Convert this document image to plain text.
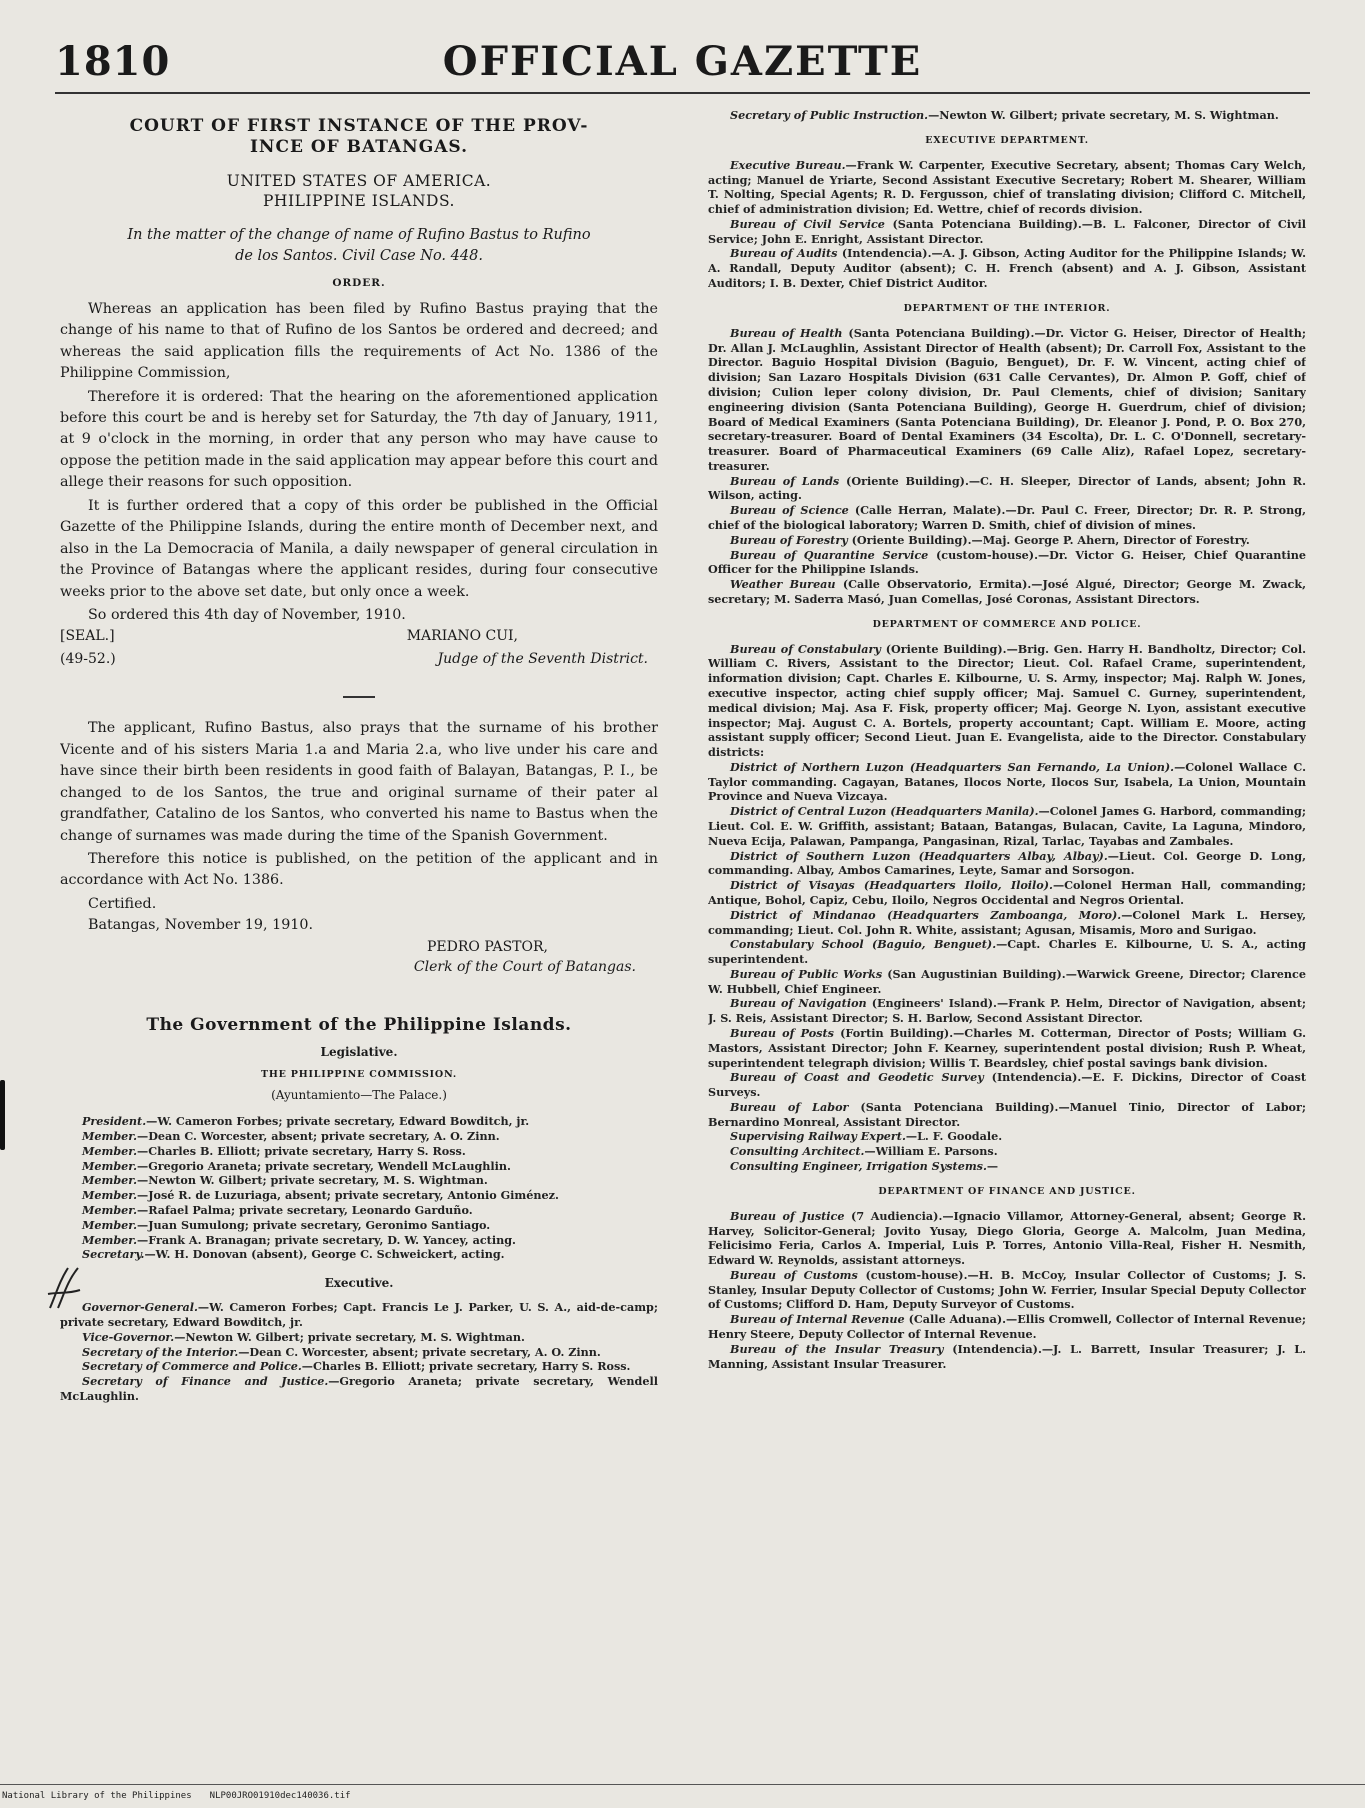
1810	OFFICIAL GAZETTE
COURT OF FIRST INSTANCE OF THE PROV-
INCE OF BATANGAS.
UNITED STATES OF AMERICA.
PHILIPPINE ISLANDS.
In the matter of the change of name of Rufino Bastus to Rufino
de los Santos. Civil Case No. 448.
ORDER.

Whereas an application has been filed by Rufino Bastus praying that the change of his name to that of Rufino de los Santos be ordered and decreed; and whereas the said application fills the requirements of Act No. 1386 of the Philippine Commission,

Therefore it is ordered: That the hearing on the aforementioned application before this court be and is hereby set for Saturday, the 7th day of January, 1911, at 9 o'clock in the morning, in order that any person who may have cause to oppose the petition made in the said application may appear before this court and allege their reasons for such opposition.

It is further ordered that a copy of this order be published in the Official Gazette of the Philippine Islands, during the entire month of December next, and also in the La Democracia of Manila, a daily newspaper of general circulation in the Province of Batangas where the applicant resides, during four consecutive weeks prior to the above set date, but only once a week.

So ordered this 4th day of November, 1910.

[SEAL.]	MARIANO CUI,
(49-52.)	Judge of the Seventh District.

The applicant, Rufino Bastus, also prays that the surname of his brother Vicente and of his sisters Maria 1.a and Maria 2.a, who live under his care and have since their birth been residents in good faith of Balayan, Batangas, P. I., be changed to de los Santos, the true and original surname of their pater al grandfather, Catalino de los Santos, who converted his name to Bastus when the change of surnames was made during the time of the Spanish Government.

Therefore this notice is published, on the petition of the applicant and in accordance with Act No. 1386.

Certified.
Batangas, November 19, 1910.
PEDRO PASTOR,
Clerk of the Court of Batangas.
The Government of the Philippine Islands.
Legislative.
THE PHILIPPINE COMMISSION.
(Ayuntamiento—The Palace.)

President.—W. Cameron Forbes; private secretary, Edward Bowditch, jr.

Member.—Dean C. Worcester, absent; private secretary, A. O. Zinn.

Member.—Charles B. Elliott; private secretary, Harry S. Ross.

Member.—Gregorio Araneta; private secretary, Wendell McLaughlin.

Member.—Newton W. Gilbert; private secretary, M. S. Wightman.

Member.—José R. de Luzuriaga, absent; private secretary, Antonio Giménez.

Member.—Rafael Palma; private secretary, Leonardo Garduño.

Member.—Juan Sumulong; private secretary, Geronimo Santiago.

Member.—Frank A. Branagan; private secretary, D. W. Yancey, acting.

Secretary.—W. H. Donovan (absent), George C. Schweickert, acting.

Executive.

Governor-General.—W. Cameron Forbes; Capt. Francis Le J. Parker, U. S. A., aid-de-camp; private secretary, Edward Bowditch, jr.

Vice-Governor.—Newton W. Gilbert; private secretary, M. S. Wightman.

Secretary of the Interior.—Dean C. Worcester, absent; private secretary, A. O. Zinn.

Secretary of Commerce and Police.—Charles B. Elliott; private secretary, Harry S. Ross.

Secretary of Finance and Justice.—Gregorio Araneta; private secretary, Wendell McLaughlin.

Secretary of Public Instruction.—Newton W. Gilbert; private secretary, M. S. Wightman.

EXECUTIVE DEPARTMENT.

Executive Bureau.—Frank W. Carpenter, Executive Secretary, absent; Thomas Cary Welch, acting; Manuel de Yriarte, Second Assistant Executive Secretary; Robert M. Shearer, William T. Nolting, Special Agents; R. D. Fergusson, chief of translating division; Clifford C. Mitchell, chief of administration division; Ed. Wettre, chief of records division.

Bureau of Civil Service (Santa Potenciana Building).—B. L. Falconer, Director of Civil Service; John E. Enright, Assistant Director.

Bureau of Audits (Intendencia).—A. J. Gibson, Acting Auditor for the Philippine Islands; W. A. Randall, Deputy Auditor (absent); C. H. French (absent) and A. J. Gibson, Assistant Auditors; I. B. Dexter, Chief District Auditor.

DEPARTMENT OF THE INTERIOR.

Bureau of Health (Santa Potenciana Building).—Dr. Victor G. Heiser, Director of Health; Dr. Allan J. McLaughlin, Assistant Director of Health (absent); Dr. Carroll Fox, Assistant to the Director. Baguio Hospital Division (Baguio, Benguet), Dr. F. W. Vincent, acting chief of division; San Lazaro Hospitals Division (631 Calle Cervantes), Dr. Almon P. Goff, chief of division; Culion leper colony division, Dr. Paul Clements, chief of division; Sanitary engineering division (Santa Potenciana Building), George H. Guerdrum, chief of division; Board of Medical Examiners (Santa Potenciana Building), Dr. Eleanor J. Pond, P. O. Box 270, secretary-treasurer. Board of Dental Examiners (34 Escolta), Dr. L. C. O'Donnell, secretary-treasurer. Board of Pharmaceutical Examiners (69 Calle Aliz), Rafael Lopez, secretary-treasurer.

Bureau of Lands (Oriente Building).—C. H. Sleeper, Director of Lands, absent; John R. Wilson, acting.

Bureau of Science (Calle Herran, Malate).—Dr. Paul C. Freer, Director; Dr. R. P. Strong, chief of the biological laboratory; Warren D. Smith, chief of division of mines.

Bureau of Forestry (Oriente Building).—Maj. George P. Ahern, Director of Forestry.

Bureau of Quarantine Service (custom-house).—Dr. Victor G. Heiser, Chief Quarantine Officer for the Philippine Islands.

Weather Bureau (Calle Observatorio, Ermita).—José Algué, Director; George M. Zwack, secretary; M. Saderra Masó, Juan Comellas, José Coronas, Assistant Directors.

DEPARTMENT OF COMMERCE AND POLICE.

Bureau of Constabulary (Oriente Building).—Brig. Gen. Harry H. Bandholtz, Director; Col. William C. Rivers, Assistant to the Director; Lieut. Col. Rafael Crame, superintendent, information division; Capt. Charles E. Kilbourne, U. S. Army, inspector; Maj. Ralph W. Jones, executive inspector, acting chief supply officer; Maj. Samuel C. Gurney, superintendent, medical division; Maj. Asa F. Fisk, property officer; Maj. George N. Lyon, assistant executive inspector; Maj. August C. A. Bortels, property accountant; Capt. William E. Moore, acting assistant supply officer; Second Lieut. Juan E. Evangelista, aide to the Director. Constabulary districts:

District of Northern Luzon (Headquarters San Fernando, La Union).—Colonel Wallace C. Taylor commanding. Cagayan, Batanes, Ilocos Norte, Ilocos Sur, Isabela, La Union, Mountain Province and Nueva Vizcaya.

District of Central Luzon (Headquarters Manila).—Colonel James G. Harbord, commanding; Lieut. Col. E. W. Griffith, assistant; Bataan, Batangas, Bulacan, Cavite, La Laguna, Mindoro, Nueva Ecija, Palawan, Pampanga, Pangasinan, Rizal, Tarlac, Tayabas and Zambales.

District of Southern Luzon (Headquarters Albay, Albay).—Lieut. Col. George D. Long, commanding. Albay, Ambos Camarines, Leyte, Samar and Sorsogon.

District of Visayas (Headquarters Iloilo, Iloilo).—Colonel Herman Hall, commanding; Antique, Bohol, Capiz, Cebu, Iloilo, Negros Occidental and Negros Oriental.

District of Mindanao (Headquarters Zamboanga, Moro).—Colonel Mark L. Hersey, commanding; Lieut. Col. John R. White, assistant; Agusan, Misamis, Moro and Surigao.

Constabulary School (Baguio, Benguet).—Capt. Charles E. Kilbourne, U. S. A., acting superintendent.

Bureau of Public Works (San Augustinian Building).—Warwick Greene, Director; Clarence W. Hubbell, Chief Engineer.

Bureau of Navigation (Engineers' Island).—Frank P. Helm, Director of Navigation, absent; J. S. Reis, Assistant Director; S. H. Barlow, Second Assistant Director.

Bureau of Posts (Fortin Building).—Charles M. Cotterman, Director of Posts; William G. Mastors, Assistant Director; John F. Kearney, superintendent postal division; Rush P. Wheat, superintendent telegraph division; Willis T. Beardsley, chief postal savings bank division.

Bureau of Coast and Geodetic Survey (Intendencia).—E. F. Dickins, Director of Coast Surveys.

Bureau of Labor (Santa Potenciana Building).—Manuel Tinio, Director of Labor; Bernardino Monreal, Assistant Director.

Supervising Railway Expert.—L. F. Goodale.

Consulting Architect.—William E. Parsons.

Consulting Engineer, Irrigation Systems.—

DEPARTMENT OF FINANCE AND JUSTICE.

Bureau of Justice (7 Audiencia).—Ignacio Villamor, Attorney-General, absent; George R. Harvey, Solicitor-General; Jovito Yusay, Diego Gloria, George A. Malcolm, Juan Medina, Felicisimo Feria, Carlos A. Imperial, Luis P. Torres, Antonio Villa-Real, Fisher H. Nesmith, Edward W. Reynolds, assistant attorneys.

Bureau of Customs (custom-house).—H. B. McCoy, Insular Collector of Customs; J. S. Stanley, Insular Deputy Collector of Customs; John W. Ferrier, Insular Special Deputy Collector of Customs; Clifford D. Ham, Deputy Surveyor of Customs.

Bureau of Internal Revenue (Calle Aduana).—Ellis Cromwell, Collector of Internal Revenue; Henry Steere, Deputy Collector of Internal Revenue.

Bureau of the Insular Treasury (Intendencia).—J. L. Barrett, Insular Treasurer; J. L. Manning, Assistant Insular Treasurer.

National Library of the Philippines NLP00JRO01910dec140036.tif
